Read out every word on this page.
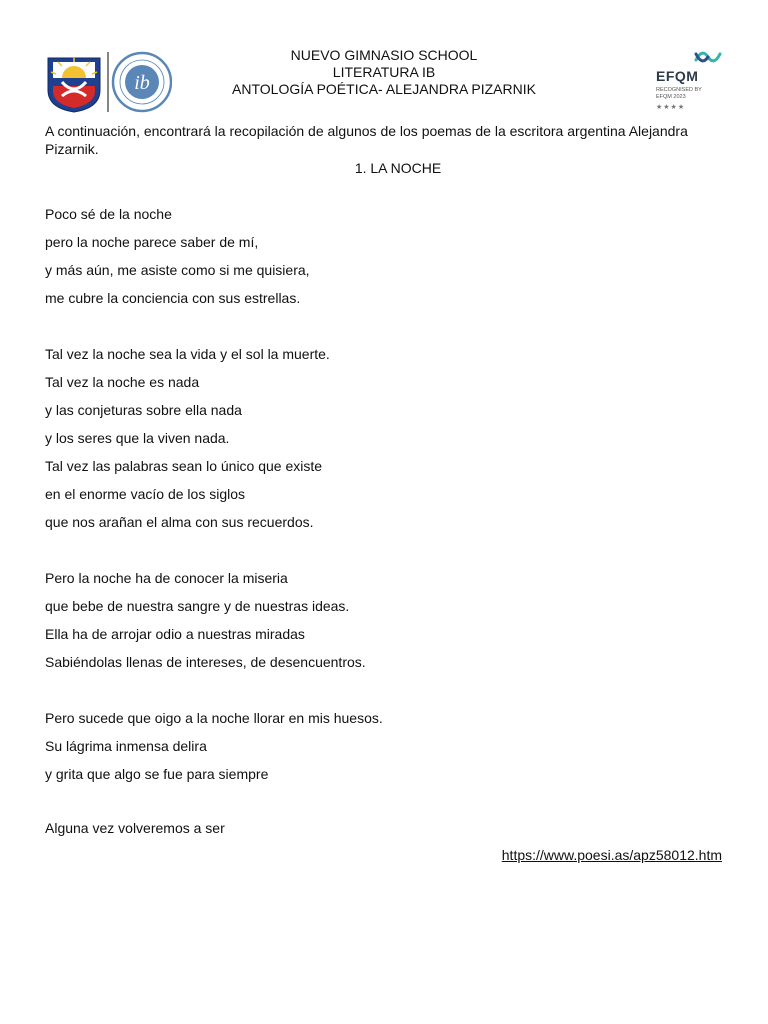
ib
NUEVO GIMNASIO SCHOOL
LITERATURA IB
ANTOLOGÍA POÉTICA- ALEJANDRA PIZARNIK
EFQM
RECOGNISED BY
EFQM 2023
★★★★
A continuación, encontrará la recopilación de algunos de los poemas de la escritora argentina Alejandra Pizarnik.
1. LA NOCHE
Poco sé de la noche
pero la noche parece saber de mí,
y más aún, me asiste como si me quisiera,
me cubre la conciencia con sus estrellas.
Tal vez la noche sea la vida y el sol la muerte.
Tal vez la noche es nada
y las conjeturas sobre ella nada
y los seres que la viven nada.
Tal vez las palabras sean lo único que existe
en el enorme vacío de los siglos
que nos arañan el alma con sus recuerdos.
Pero la noche ha de conocer la miseria
que bebe de nuestra sangre y de nuestras ideas.
Ella ha de arrojar odio a nuestras miradas
Sabiéndolas llenas de intereses, de desencuentros.
Pero sucede que oigo a la noche llorar en mis huesos.
Su lágrima inmensa delira
y grita que algo se fue para siempre
Alguna vez volveremos a ser
https://www.poesi.as/apz58012.htm
